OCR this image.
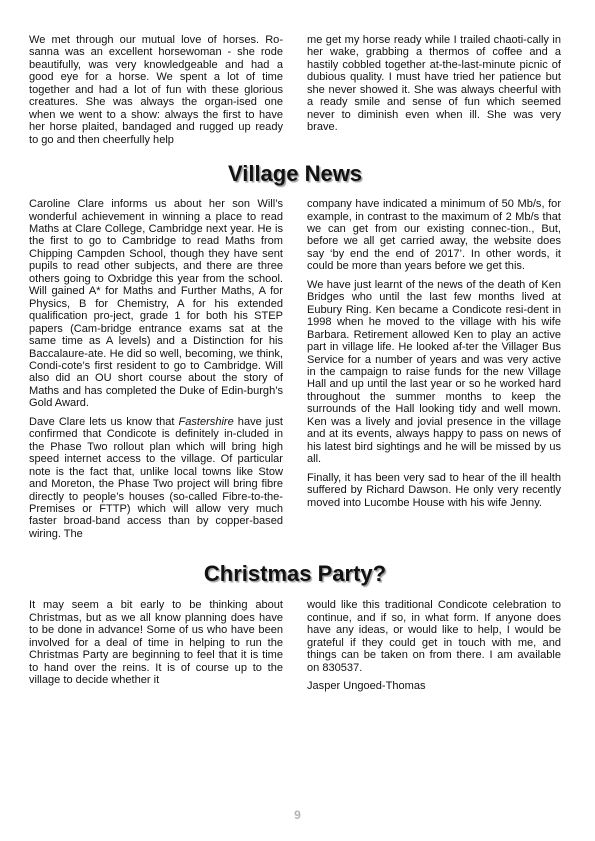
We met through our mutual love of horses. Ro-sanna was an excellent horsewoman - she rode beautifully, was very knowledgeable and had a good eye for a horse. We spent a lot of time together and had a lot of fun with these glorious creatures. She was always the organ-ised one when we went to a show: always the first to have her horse plaited, bandaged and rugged up ready to go and then cheerfully help

me get my horse ready while I trailed chaoti-cally in her wake, grabbing a thermos of coffee and a hastily cobbled together at-the-last-minute picnic of dubious quality. I must have tried her patience but she never showed it. She was always cheerful with a ready smile and sense of fun which seemed never to diminish even when ill. She was very brave.

Village News

Caroline Clare informs us about her son Will’s wonderful achievement in winning a place to read Maths at Clare College, Cambridge next year. He is the first to go to Cambridge to read Maths from Chipping Campden School, though they have sent pupils to read other subjects, and there are three others going to Oxbridge this year from the school. Will gained A* for Maths and Further Maths, A for Physics, B for Chemistry, A for his extended qualification pro-ject, grade 1 for both his STEP papers (Cam-bridge entrance exams sat at the same time as A levels) and a Distinction for his Baccalaure-ate. He did so well, becoming, we think, Condi-cote’s first resident to go to Cambridge. Will also did an OU short course about the story of Maths and has completed the Duke of Edin-burgh’s Gold Award.

Dave Clare lets us know that Fastershire have just confirmed that Condicote is definitely in-cluded in the Phase Two rollout plan which will bring high speed internet access to the village. Of particular note is the fact that, unlike local towns like Stow and Moreton, the Phase Two project will bring fibre directly to people’s houses (so-called Fibre-to-the-Premises or FTTP) which will allow very much faster broad-band access than by copper-based wiring. The

company have indicated a minimum of 50 Mb/s, for example, in contrast to the maximum of 2 Mb/s that we can get from our existing connec-tion., But, before we all get carried away, the website does say ‘by end the end of 2017’. In other words, it could be more than years before we get this.

We have just learnt of the news of the death of Ken Bridges who until the last few months lived at Eubury Ring. Ken became a Condicote resi-dent in 1998 when he moved to the village with his wife Barbara. Retirement allowed Ken to play an active part in village life. He looked af-ter the Villager Bus Service for a number of years and was very active in the campaign to raise funds for the new Village Hall and up until the last year or so he worked hard throughout the summer months to keep the surrounds of the Hall looking tidy and well mown. Ken was a lively and jovial presence in the village and at its events, always happy to pass on news of his latest bird sightings and he will be missed by us all.

Finally, it has been very sad to hear of the ill health suffered by Richard Dawson. He only very recently moved into Lucombe House with his wife Jenny.

Christmas Party?

It may seem a bit early to be thinking about Christmas, but as we all know planning does have to be done in advance! Some of us who have been involved for a deal of time in helping to run the Christmas Party are beginning to feel that it is time to hand over the reins. It is of course up to the village to decide whether it

would like this traditional Condicote celebration to continue, and if so, in what form. If anyone does have any ideas, or would like to help, I would be grateful if they could get in touch with me, and things can be taken on from there. I am available on 830537.

Jasper Ungoed-Thomas

9
